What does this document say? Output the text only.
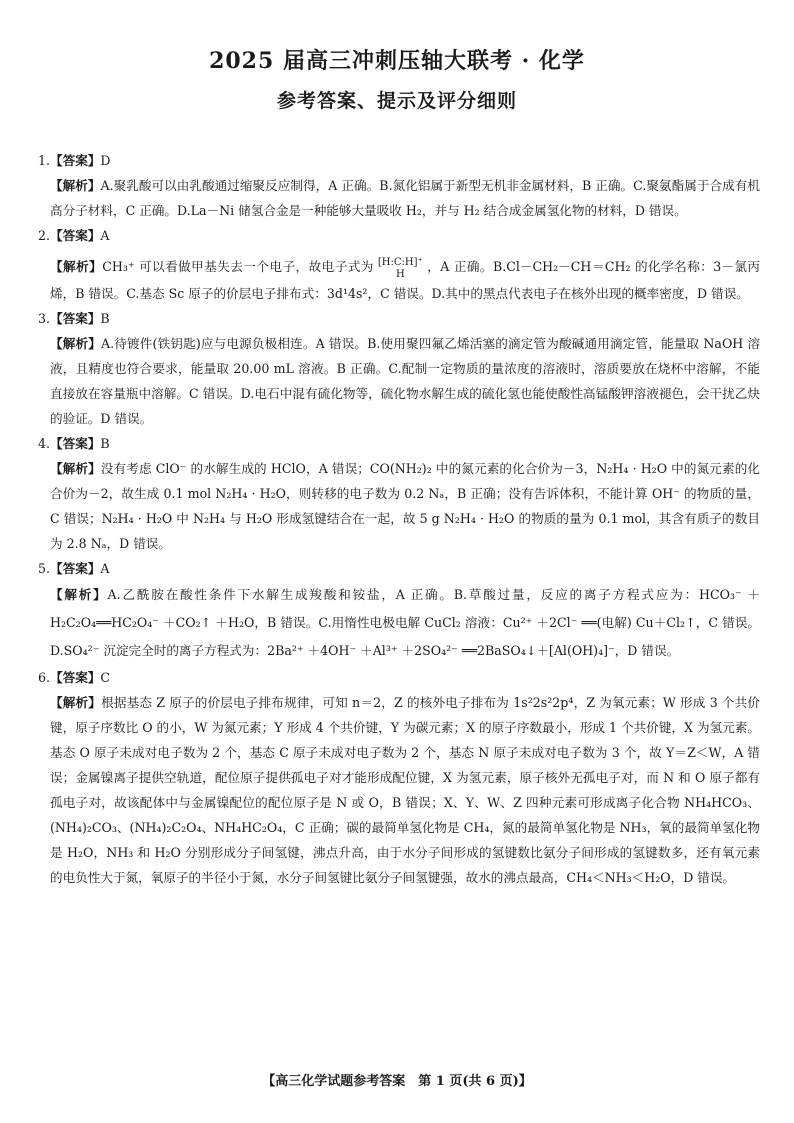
2025 届高三冲刺压轴大联考 · 化学
参考答案、提示及评分细则
1.【答案】D
【解析】A.聚乳酸可以由乳酸通过缩聚反应制得，A 正确。B.氮化铝属于新型无机非金属材料，B 正确。C.聚氨酯属于合成有机高分子材料，C 正确。D.La－Ni 储氢合金是一种能够大量吸收 H₂，并与 H₂ 结合成金属氢化物的材料，D 错误。
2.【答案】A
【解析】CH₃⁺ 可以看做甲基失去一个电子，故电子式为 [H:C:H]⁺
H，A 正确。B.Cl－CH₂－CH＝CH₂ 的化学名称：3－氯丙烯，B 错误。C.基态 Sc 原子的价层电子排布式：3d¹4s²，C 错误。D.其中的黑点代表电子在核外出现的概率密度，D 错误。
3.【答案】B
【解析】A.待镀件(铁钥匙)应与电源负极相连。A 错误。B.使用聚四氟乙烯活塞的滴定管为酸碱通用滴定管，能量取 NaOH 溶液，且精度也符合要求，能量取 20.00 mL 溶液。B 正确。C.配制一定物质的量浓度的溶液时，溶质要放在烧杯中溶解，不能直接放在容量瓶中溶解。C 错误。D.电石中混有硫化物等，硫化物水解生成的硫化氢也能使酸性高锰酸钾溶液褪色，会干扰乙炔的验证。D 错误。
4.【答案】B
【解析】没有考虑 ClO⁻ 的水解生成的 HClO，A 错误；CO(NH₂)₂ 中的氮元素的化合价为－3，N₂H₄ · H₂O 中的氮元素的化合价为－2，故生成 0.1 mol N₂H₄ · H₂O，则转移的电子数为 0.2 Nₐ，B 正确；没有告诉体积，不能计算 OH⁻ 的物质的量，C 错误；N₂H₄ · H₂O 中 N₂H₄ 与 H₂O 形成氢键结合在一起，故 5 g N₂H₄ · H₂O 的物质的量为 0.1 mol，其含有质子的数目为 2.8 Nₐ，D 错误。
5.【答案】A
【解析】A.乙酰胺在酸性条件下水解生成羧酸和铵盐，A 正确。B.草酸过量，反应的离子方程式应为：HCO₃⁻ ＋ H₂C₂O₄══HC₂O₄⁻ ＋CO₂↑ ＋H₂O，B 错误。C.用惰性电极电解 CuCl₂ 溶液：Cu²⁺ ＋2Cl⁻ ══(电解) Cu＋Cl₂↑，C 错误。D.SO₄²⁻ 沉淀完全时的离子方程式为：2Ba²⁺ ＋4OH⁻ ＋Al³⁺ ＋2SO₄²⁻ ══2BaSO₄↓＋[Al(OH)₄]⁻，D 错误。
6.【答案】C
【解析】根据基态 Z 原子的价层电子排布规律，可知 n＝2，Z 的核外电子排布为 1s²2s²2p⁴，Z 为氧元素；W 形成 3 个共价键，原子序数比 O 的小，W 为氮元素；Y 形成 4 个共价键，Y 为碳元素；X 的原子序数最小，形成 1 个共价键，X 为氢元素。基态 O 原子未成对电子数为 2 个，基态 C 原子未成对电子数为 2 个，基态 N 原子未成对电子数为 3 个，故 Y＝Z＜W，A 错误；金属镍离子提供空轨道，配位原子提供孤电子对才能形成配位键，X 为氢元素，原子核外无孤电子对，而 N 和 O 原子都有孤电子对，故该配体中与金属镍配位的配位原子是 N 或 O，B 错误；X、Y、W、Z 四种元素可形成离子化合物 NH₄HCO₃、(NH₄)₂CO₃、(NH₄)₂C₂O₄、NH₄HC₂O₄，C 正确；碳的最简单氢化物是 CH₄，氮的最简单氢化物是 NH₃，氧的最简单氢化物是 H₂O，NH₃ 和 H₂O 分别形成分子间氢键，沸点升高，由于水分子间形成的氢键数比氨分子间形成的氢键数多，还有氧元素的电负性大于氮，氧原子的半径小于氮，水分子间氢键比氨分子间氢键强，故水的沸点最高，CH₄＜NH₃＜H₂O，D 错误。
【高三化学试题参考答案　第 1 页(共 6 页)】
